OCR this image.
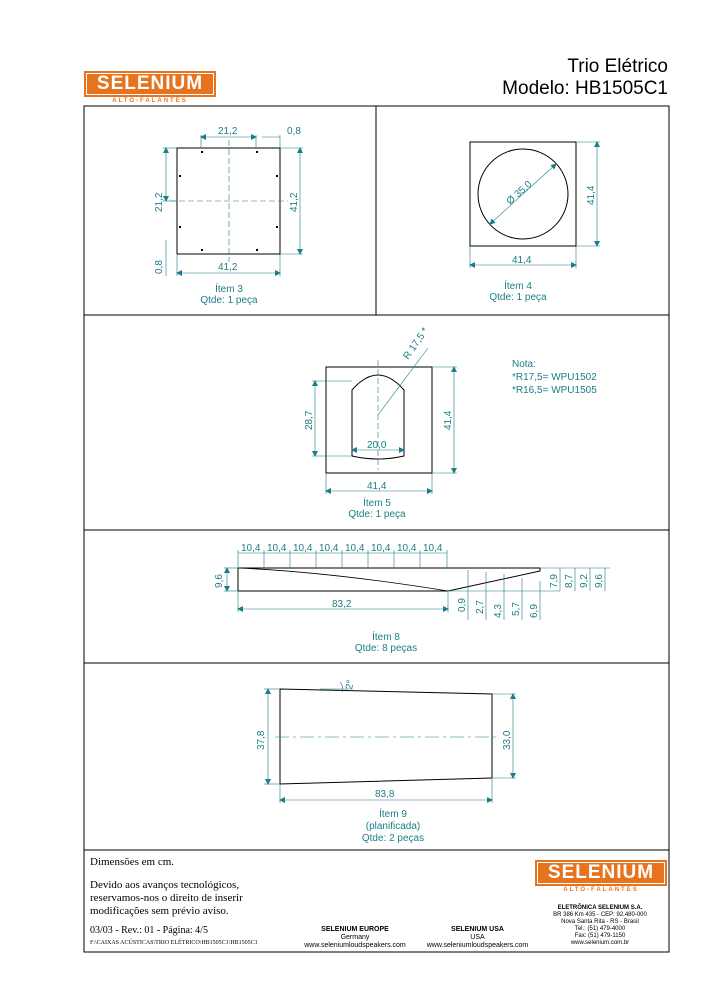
SELENIUM
ALTO-FALANTES
Trio Elétrico
Modelo: HB1505C1
21,2	0,8
21,2	41,2
41,2
0,8
Ítem 3
Qtde: 1 peça
Ø 35,0	41,4
41,4
Ítem 4
Qtde: 1 peça
R 17,5 *
28,7
20,0
41,4
41,4
Ítem 5
Qtde: 1 peça
Nota:
*R17,5= WPU1502
*R16,5= WPU1505
10,4 10,4 10,4 10,4 10,4 10,4 10,4 10,4
9,6
83,2	0,9 2,7 4,3 5,7 6,9
7,9 8,7 9,2 9,6
Ítem 8
Qtde: 8 peças
2°
37,8	33,0
83,8
Ítem 9
(planificada)
Qtde: 2 peças
Dimensões em cm.
Devido aos avanços tecnológicos, reservamos-nos o direito de inserir modificações sem prévio aviso.
03/03 - Rev.: 01 - Página: 4/5
F:\CAIXAS ACÚSTICAS\TRIO ELÉTRICO\HB1505C1\HB1505C1
SELENIUM EUROPE
Germany
www.seleniumloudspeakers.com
SELENIUM USA
USA
www.seleniumloudspeakers.com
SELENIUM
ALTO-FALANTES
ELETRÔNICA SELENIUM S.A.
BR 386 Km 435 - CEP: 92.480-000
Nova Santa Rita - RS - Brasil
Tel.: (51) 479-4000
Fax: (51) 479-1150
www.selenium.com.br
